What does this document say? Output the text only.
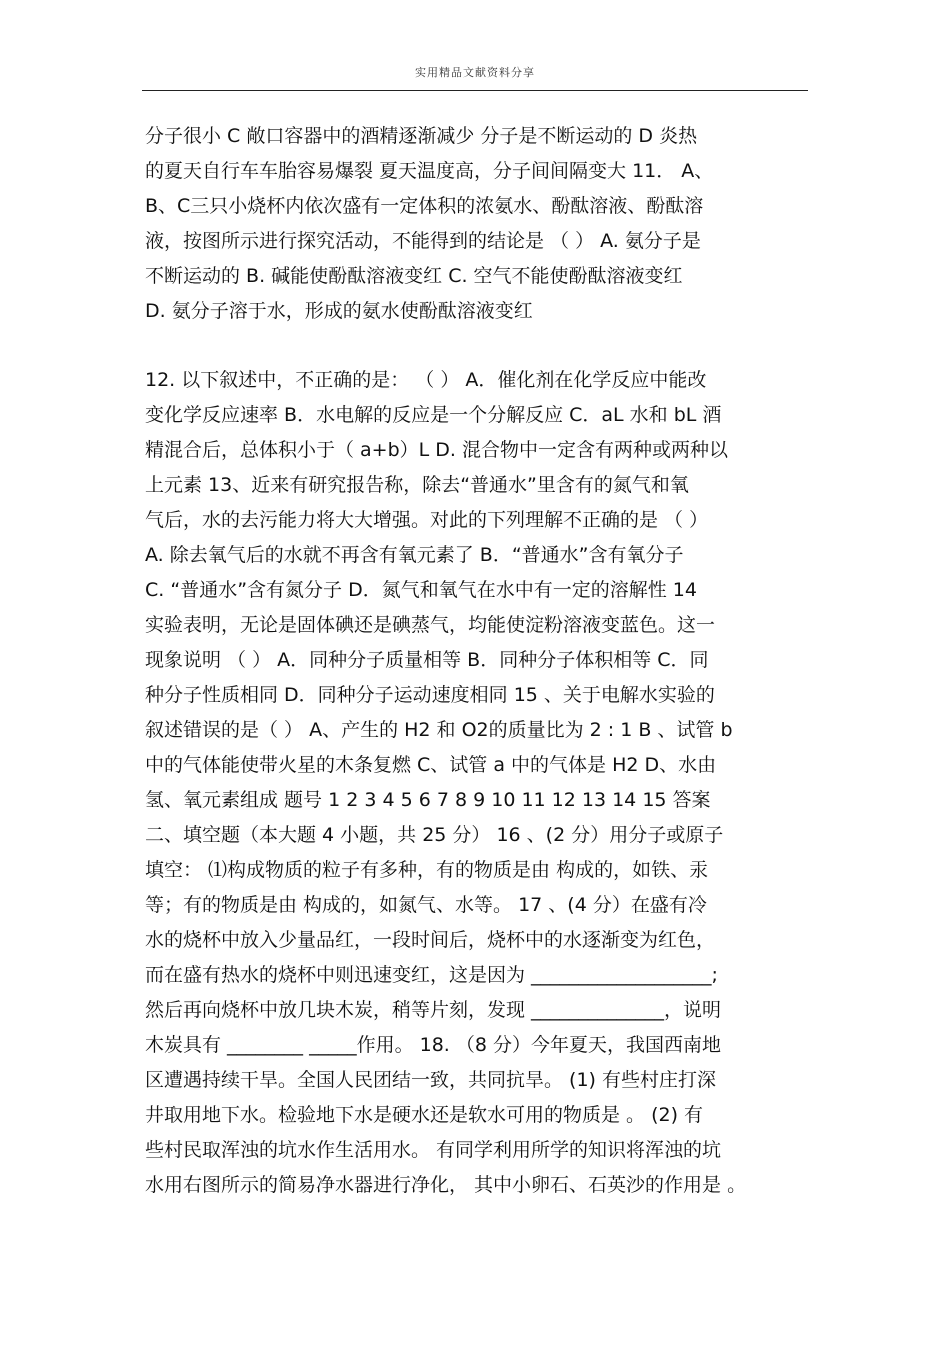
实用精品文献资料分享
分子很小 C 敞口容器中的酒精逐渐减少 分子是不断运动的 D 炎热
的夏天自行车车胎容易爆裂 夏天温度高，分子间间隔变大 11． A、
B、C三只小烧杯内依次盛有一定体积的浓氨水、酚酞溶液、酚酞溶
液，按图所示进行探究活动，不能得到的结论是 （ ） A. 氨分子是
不断运动的 B. 碱能使酚酞溶液变红 C. 空气不能使酚酞溶液变红
D. 氨分子溶于水，形成的氨水使酚酞溶液变红
12. 以下叙述中，不正确的是： （ ） A．催化剂在化学反应中能改
变化学反应速率 B．水电解的反应是一个分解反应 C．aL 水和 bL 酒
精混合后，总体积小于（ a+b）L D. 混合物中一定含有两种或两种以
上元素 13、近来有研究报告称，除去“普通水”里含有的氮气和氧
气后，水的去污能力将大大增强。对此的下列理解不正确的是 （ ）
A. 除去氧气后的水就不再含有氧元素了 B．“普通水”含有氧分子
C. “普通水”含有氮分子 D．氮气和氧气在水中有一定的溶解性 14
实验表明，无论是固体碘还是碘蒸气，均能使淀粉溶液变蓝色。这一
现象说明 （ ） A．同种分子质量相等 B．同种分子体积相等 C．同
种分子性质相同 D．同种分子运动速度相同 15 、关于电解水实验的
叙述错误的是（ ） A、产生的 H2 和 O2的质量比为 2 : 1 B 、试管 b
中的气体能使带火星的木条复燃 C、试管 a 中的气体是 H2 D、水由
氢、氧元素组成 题号 1 2 3 4 5 6 7 8 9 10 11 12 13 14 15 答案
二、填空题（本大题 4 小题，共 25 分） 16 、(2 分）用分子或原子
填空： ⑴构成物质的粒子有多种，有的物质是由 构成的，如铁、汞
等；有的物质是由 构成的，如氮气、水等。 17 、(4 分）在盛有冷
水的烧杯中放入少量品红，一段时间后，烧杯中的水逐渐变为红色，
而在盛有热水的烧杯中则迅速变红，这是因为 ___________________;
然后再向烧杯中放几块木炭，稍等片刻，发现 ______________，说明
木炭具有 ________ _____作用。 18. （8 分）今年夏天，我国西南地
区遭遇持续干旱。全国人民团结一致，共同抗旱。 (1) 有些村庄打深
井取用地下水。检验地下水是硬水还是软水可用的物质是 。 (2) 有
些村民取浑浊的坑水作生活用水。 有同学利用所学的知识将浑浊的坑
水用右图所示的简易净水器进行净化， 其中小卵石、石英沙的作用是 。
